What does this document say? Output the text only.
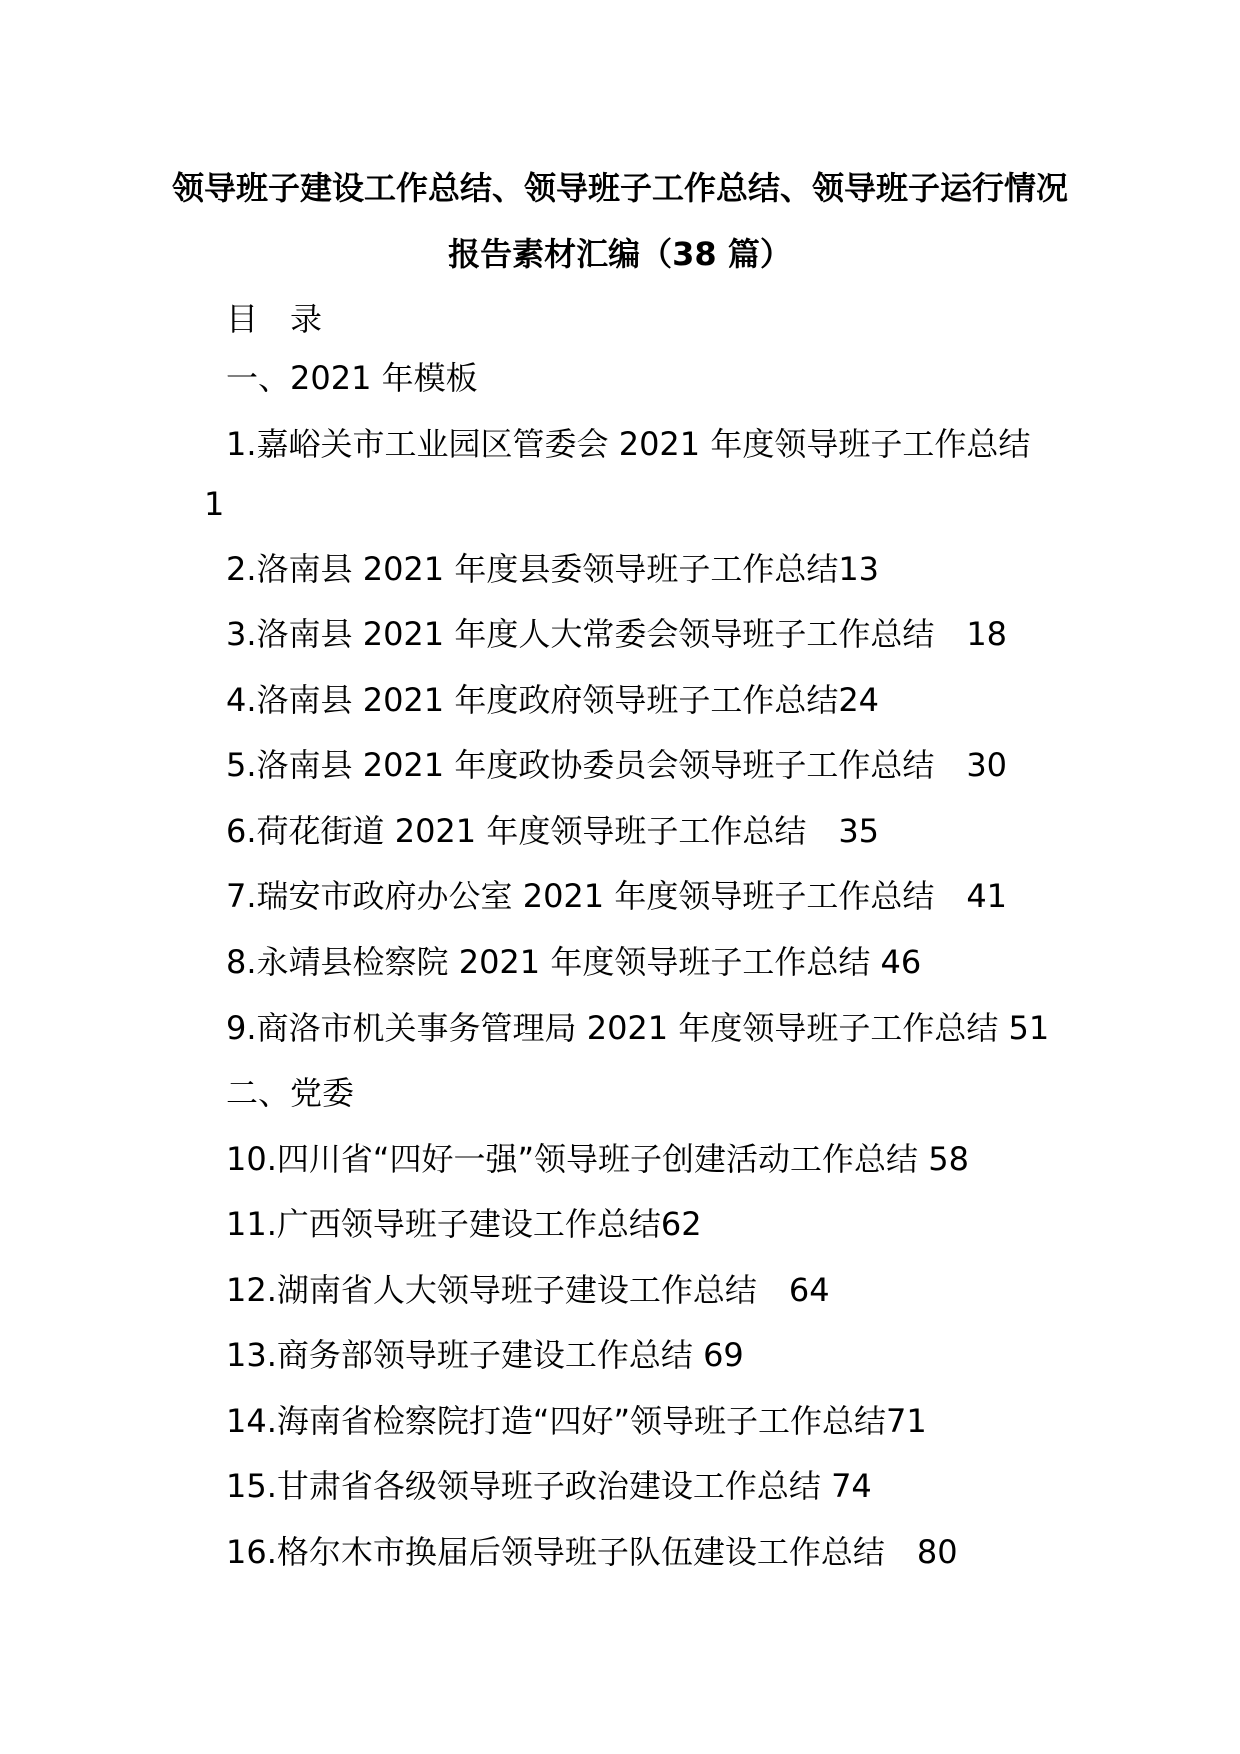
领导班子建设工作总结、领导班子工作总结、领导班子运行情况
报告素材汇编（38 篇）
目　录
一、2021 年模板
1.嘉峪关市工业园区管委会 2021 年度领导班子工作总结
1
2.洛南县 2021 年度县委领导班子工作总结13
3.洛南县 2021 年度人大常委会领导班子工作总结　18
4.洛南县 2021 年度政府领导班子工作总结24
5.洛南县 2021 年度政协委员会领导班子工作总结　30
6.荷花街道 2021 年度领导班子工作总结　35
7.瑞安市政府办公室 2021 年度领导班子工作总结　41
8.永靖县检察院 2021 年度领导班子工作总结 46
9.商洛市机关事务管理局 2021 年度领导班子工作总结 51
二、党委
10.四川省“四好一强”领导班子创建活动工作总结 58
11.广西领导班子建设工作总结62
12.湖南省人大领导班子建设工作总结　64
13.商务部领导班子建设工作总结 69
14.海南省检察院打造“四好”领导班子工作总结71
15.甘肃省各级领导班子政治建设工作总结 74
16.格尔木市换届后领导班子队伍建设工作总结　80
